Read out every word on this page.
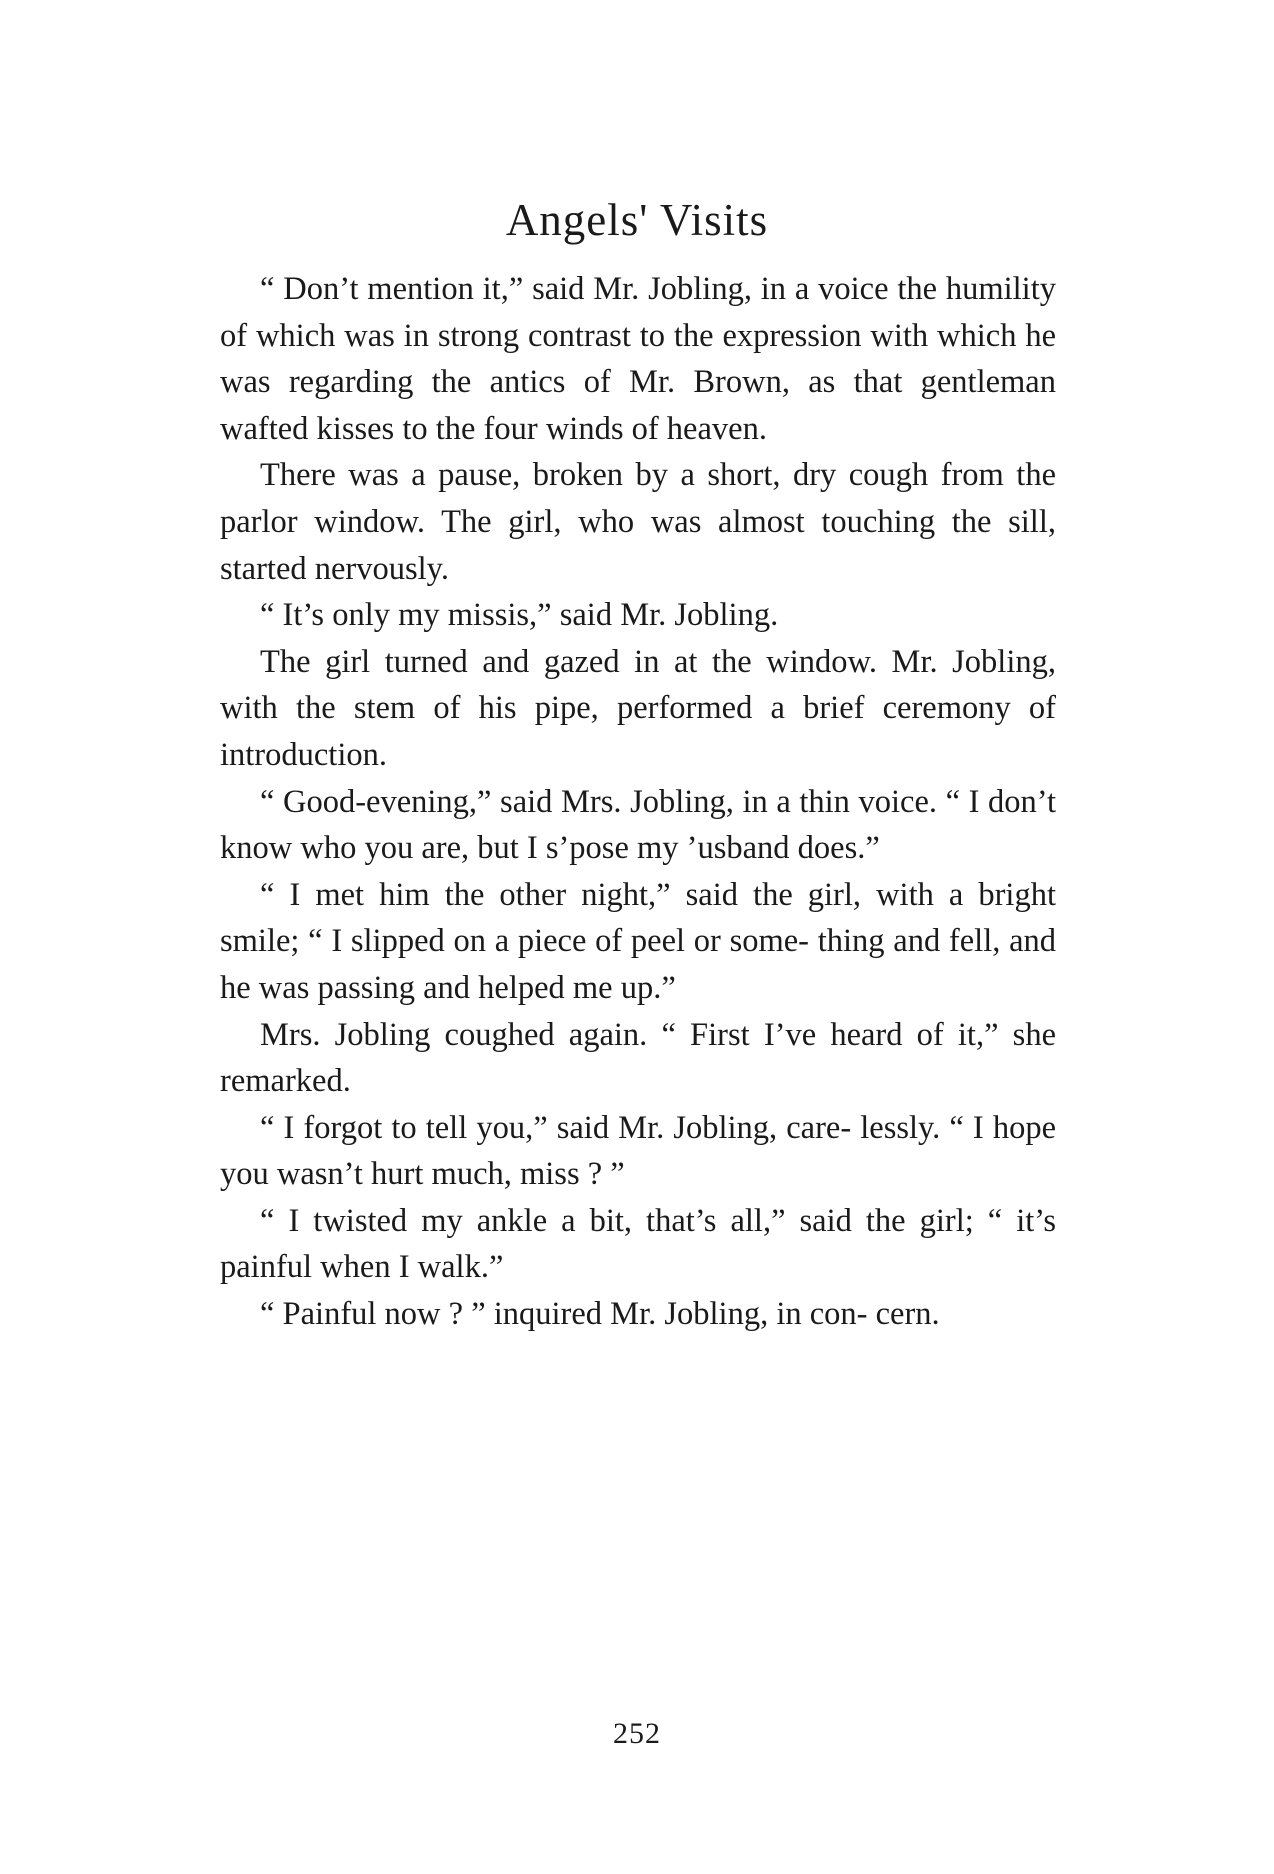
Angels' Visits

“ Don’t mention it,” said Mr. Jobling, in a voice the humility of which was in strong contrast to the expression with which he was regarding the antics of Mr. Brown, as that gentleman wafted kisses to the four winds of heaven.

There was a pause, broken by a short, dry cough from the parlor window. The girl, who was almost touching the sill, started nervously.

“ It’s only my missis,” said Mr. Jobling.

The girl turned and gazed in at the window. Mr. Jobling, with the stem of his pipe, performed a brief ceremony of introduction.

“ Good-evening,” said Mrs. Jobling, in a thin voice. “ I don’t know who you are, but I s’pose my ’usband does.”

“ I met him the other night,” said the girl, with a bright smile; “ I slipped on a piece of peel or some- thing and fell, and he was passing and helped me up.”

Mrs. Jobling coughed again. “ First I’ve heard of it,” she remarked.

“ I forgot to tell you,” said Mr. Jobling, care- lessly. “ I hope you wasn’t hurt much, miss ? ”

“ I twisted my ankle a bit, that’s all,” said the girl; “ it’s painful when I walk.”

“ Painful now ? ” inquired Mr. Jobling, in con- cern.

252
